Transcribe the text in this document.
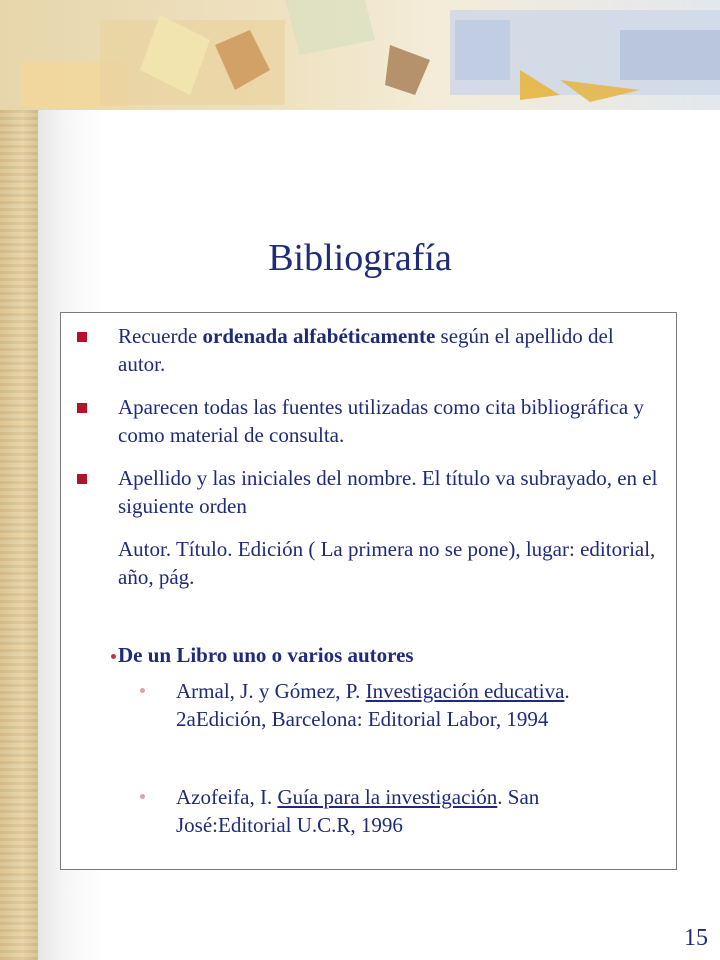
Bibliografía
Recuerde ordenada alfabéticamente según el apellido del autor.
Aparecen todas las fuentes utilizadas como cita bibliográfica y como material de consulta.
Apellido y las iniciales del nombre. El título va subrayado, en el siguiente orden
Autor. Título. Edición ( La primera no se pone), lugar: editorial, año, pág.
De un Libro uno o varios autores
Armal, J. y Gómez, P. Investigación educativa. 2aEdición, Barcelona: Editorial Labor, 1994
Azofeifa, I. Guía para la investigación. San José:Editorial U.C.R, 1996
15
